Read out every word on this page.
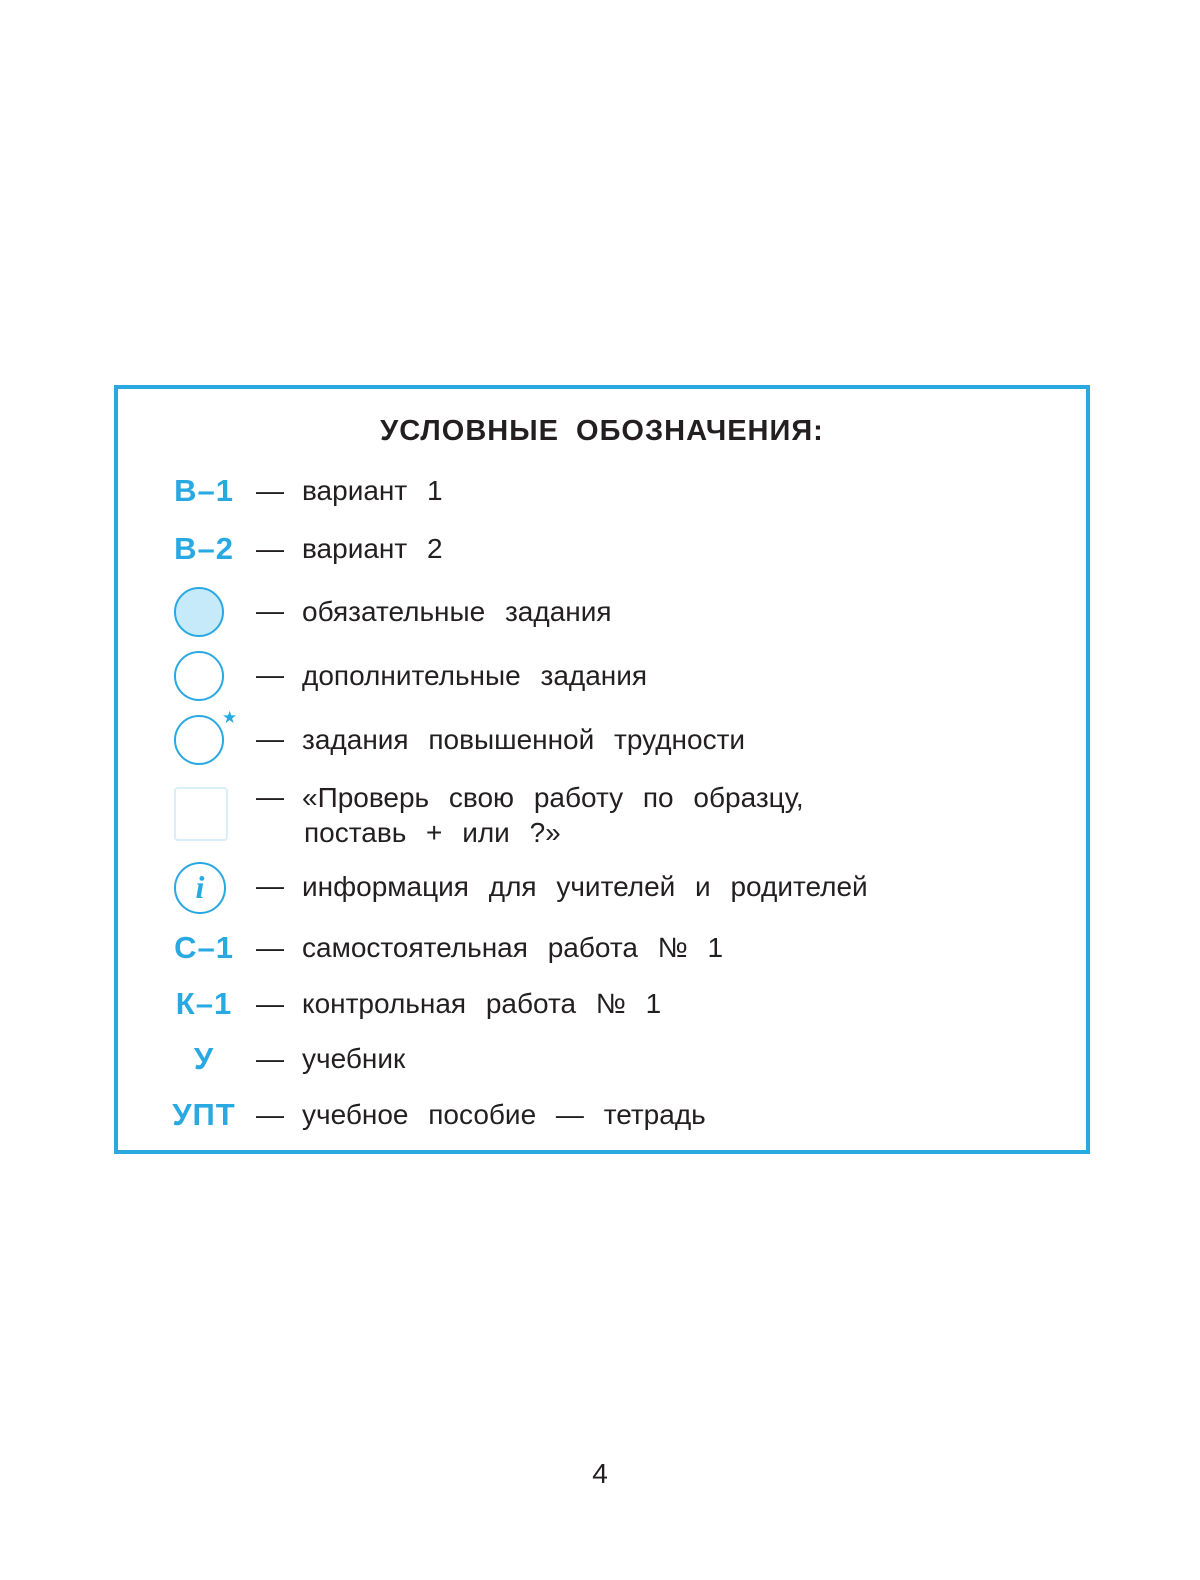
УСЛОВНЫЕ ОБОЗНАЧЕНИЯ:
В–1 — вариант 1
В–2 — вариант 2
— обязательные задания
— дополнительные задания
★
— задания повышенной трудности
— «Проверь свою работу по образцу,
поставь + или ?»
i	— информация для учителей и родителей
С–1 — самостоятельная работа № 1
К–1 — контрольная работа № 1
У	— учебник
УПТ — учебное пособие — тетрадь
4
